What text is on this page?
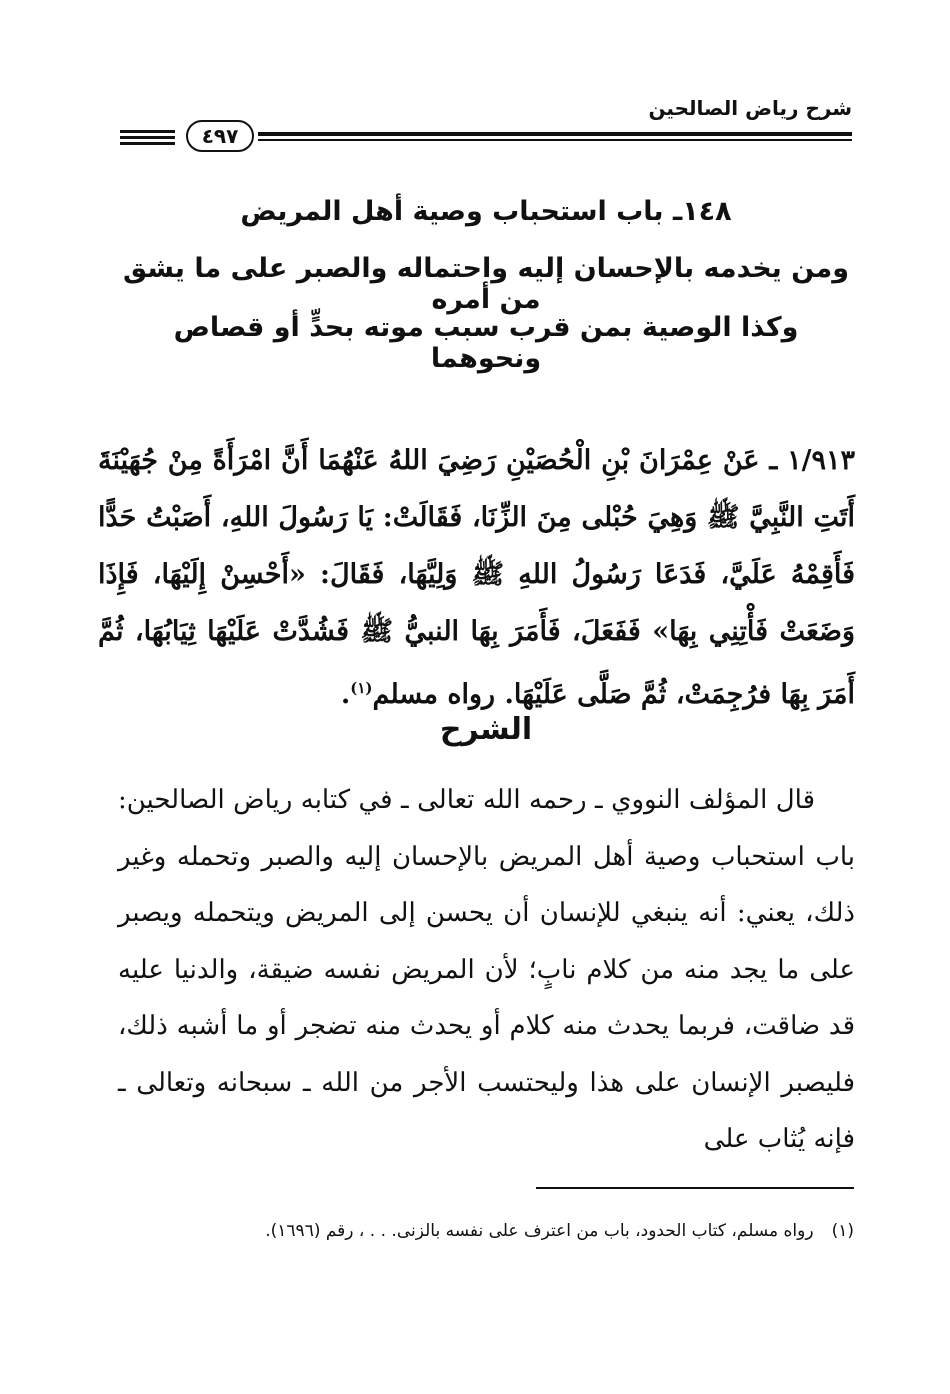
شرح رياض الصالحين
٤٩٧
١٤٨ـ باب استحباب وصية أهل المريض
ومن يخدمه بالإحسان إليه واحتماله والصبر على ما يشق من أمره
وكذا الوصية بمن قرب سبب موته بحدٍّ أو قصاص ونحوهما
١/٩١٣ ـ عَنْ عِمْرَانَ بْنِ الْحُصَيْنِ رَضِيَ اللهُ عَنْهُمَا أَنَّ امْرَأَةً مِنْ جُهَيْنَةَ أَتَتِ النَّبِيَّ ﷺ وَهِيَ حُبْلى مِنَ الزِّنَا، فَقَالَتْ: يَا رَسُولَ اللهِ، أَصَبْتُ حَدًّا فَأَقِمْهُ عَلَيَّ، فَدَعَا رَسُولُ اللهِ ﷺ وَلِيَّهَا، فَقَالَ: «أَحْسِنْ إِلَيْهَا، فَإِذَا وَضَعَتْ فَأْتِنِي بِهَا» فَفَعَلَ، فَأَمَرَ بِهَا النبيُّ ﷺ فَشُدَّتْ عَلَيْهَا ثِيَابُهَا، ثُمَّ أَمَرَ بِهَا فرُجِمَتْ، ثُمَّ صَلَّى عَلَيْهَا. رواه مسلم$^{(١)}$.
الشرح
قال المؤلف النووي ـ رحمه الله تعالى ـ في كتابه رياض الصالحين: باب استحباب وصية أهل المريض بالإحسان إليه والصبر وتحمله وغير ذلك، يعني: أنه ينبغي للإنسان أن يحسن إلى المريض ويتحمله ويصبر على ما يجد منه من كلام نابٍ؛ لأن المريض نفسه ضيقة، والدنيا عليه قد ضاقت، فربما يحدث منه كلام أو يحدث منه تضجر أو ما أشبه ذلك، فليصبر الإنسان على هذا وليحتسب الأجر من الله ـ سبحانه وتعالى ـ فإنه يُثاب على
(١)رواه مسلم، كتاب الحدود، باب من اعترف على نفسه بالزنى. . . ، رقم (١٦٩٦).
